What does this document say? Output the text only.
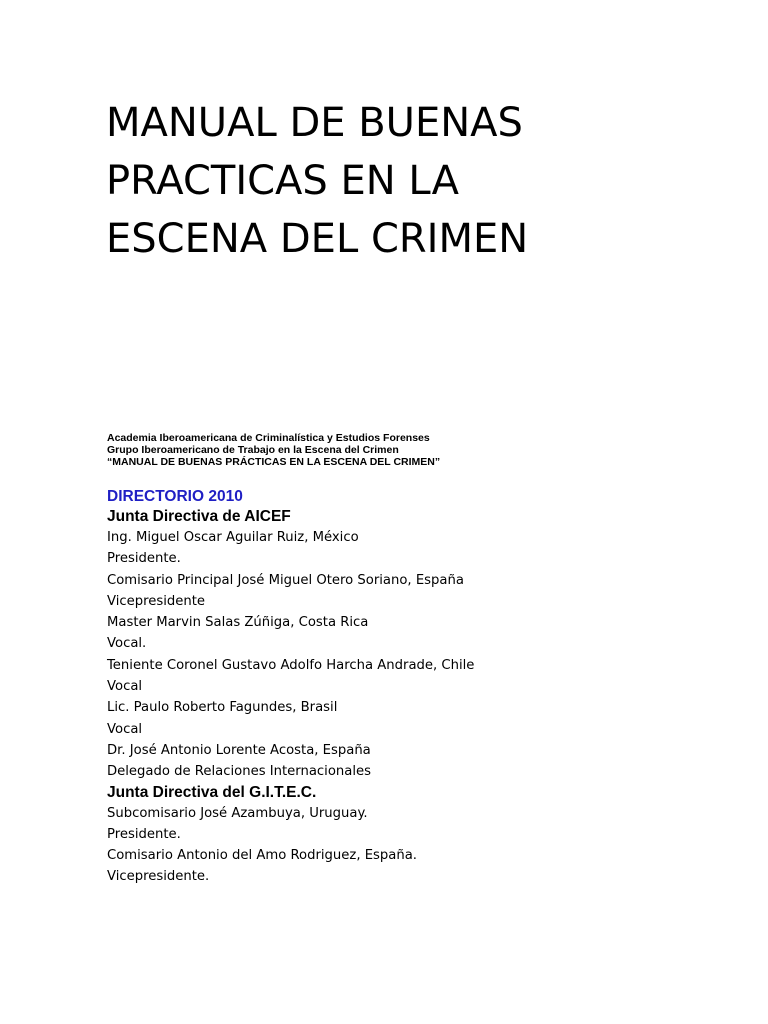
MANUAL DE BUENAS
PRACTICAS EN LA
ESCENA DEL CRIMEN
Academia Iberoamericana de Criminalística y Estudios Forenses
Grupo Iberoamericano de Trabajo en la Escena del Crimen
“MANUAL DE BUENAS PRÁCTICAS EN LA ESCENA DEL CRIMEN”
DIRECTORIO 2010
Junta Directiva de AICEF
Ing. Miguel Oscar Aguilar Ruiz, México
Presidente.
Comisario Principal José Miguel Otero Soriano, España
Vicepresidente
Master Marvin Salas Zúñiga, Costa Rica
Vocal.
Teniente Coronel Gustavo Adolfo Harcha Andrade, Chile
Vocal
Lic. Paulo Roberto Fagundes, Brasil
Vocal
Dr. José Antonio Lorente Acosta, España
Delegado de Relaciones Internacionales
Junta Directiva del G.I.T.E.C.
Subcomisario José Azambuya, Uruguay.
Presidente.
Comisario Antonio del Amo Rodriguez, España.
Vicepresidente.
